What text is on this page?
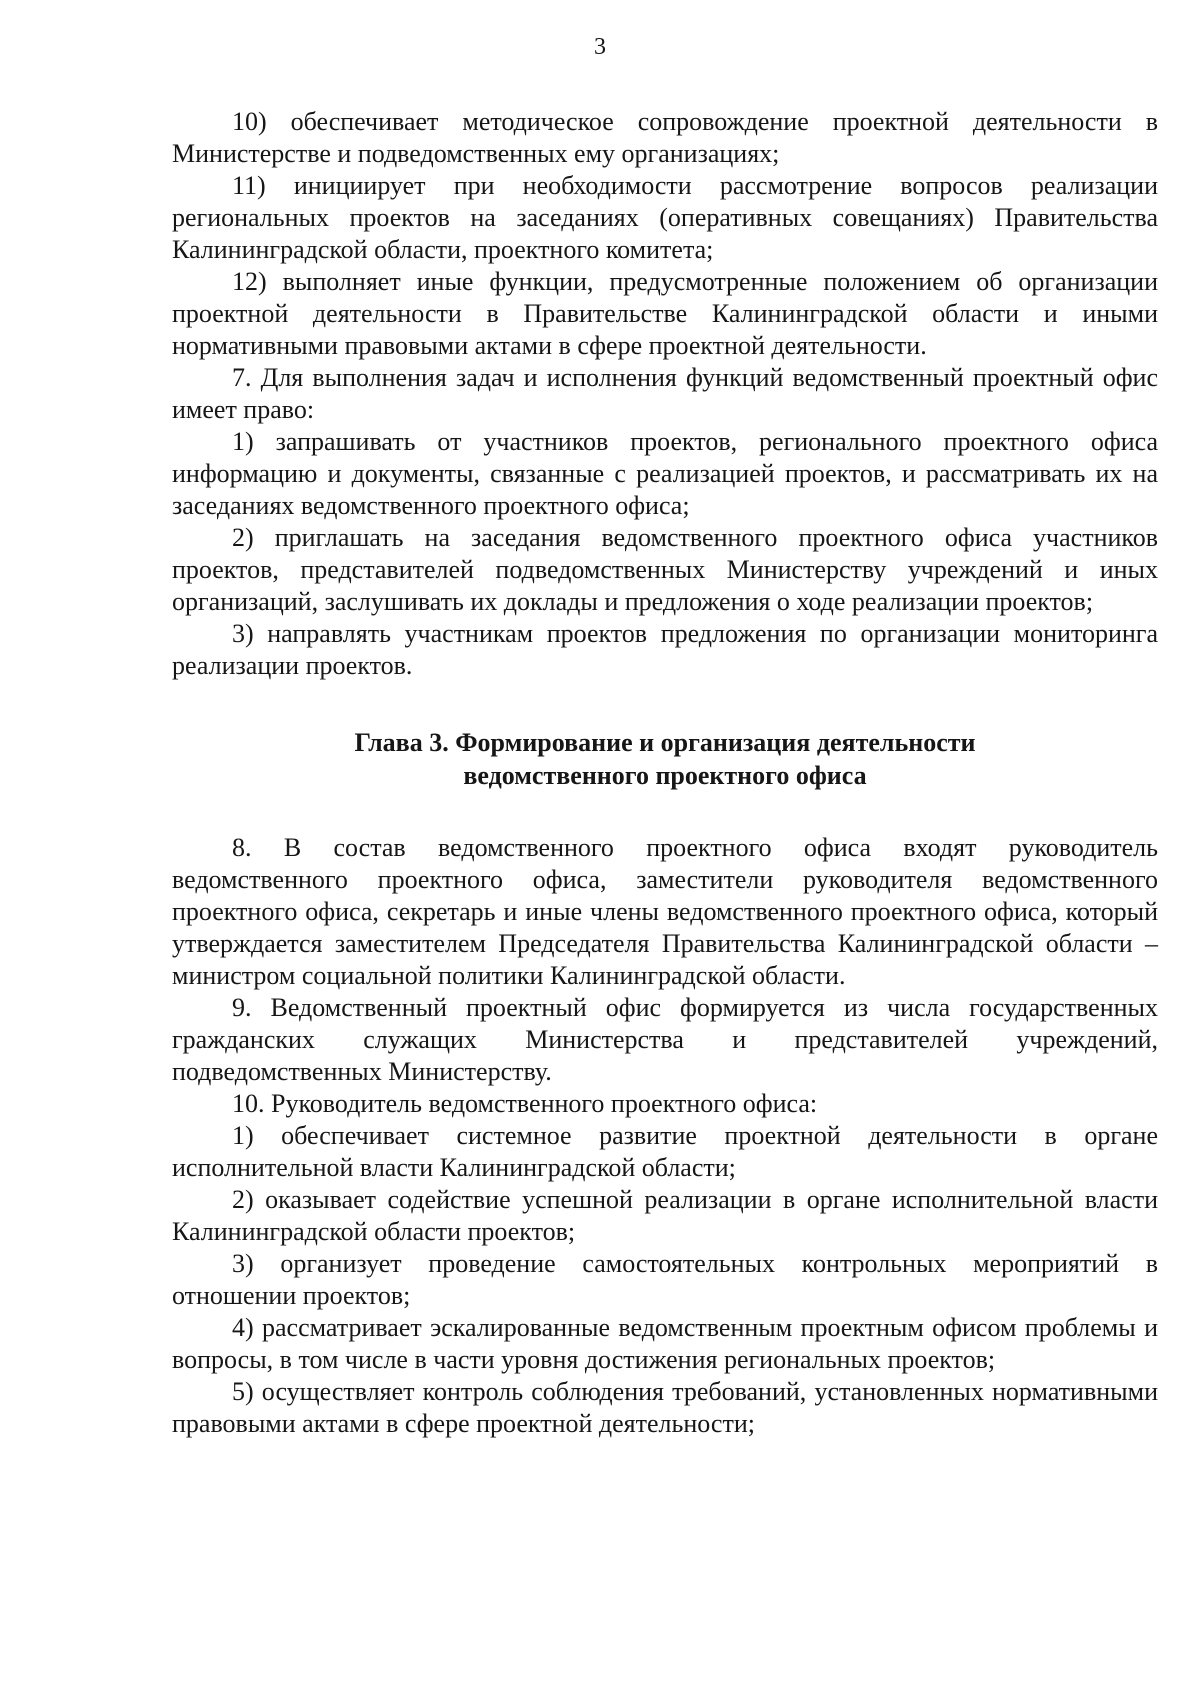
3

10) обеспечивает методическое сопровождение проектной деятельности в Министерстве и подведомственных ему организациях;

11) инициирует при необходимости рассмотрение вопросов реализации региональных проектов на заседаниях (оперативных совещаниях) Правительства Калининградской области, проектного комитета;

12) выполняет иные функции, предусмотренные положением об организации проектной деятельности в Правительстве Калининградской области и иными нормативными правовыми актами в сфере проектной деятельности.

7. Для выполнения задач и исполнения функций ведомственный проектный офис имеет право:

1) запрашивать от участников проектов, регионального проектного офиса информацию и документы, связанные с реализацией проектов, и рассматривать их на заседаниях ведомственного проектного офиса;

2) приглашать на заседания ведомственного проектного офиса участников проектов, представителей подведомственных Министерству учреждений и иных организаций, заслушивать их доклады и предложения о ходе реализации проектов;

3) направлять участникам проектов предложения по организации мониторинга реализации проектов.

Глава 3. Формирование и организация деятельности
ведомственного проектного офиса

8. В состав ведомственного проектного офиса входят руководитель ведомственного проектного офиса, заместители руководителя ведомственного проектного офиса, секретарь и иные члены ведомственного проектного офиса, который утверждается заместителем Председателя Правительства Калининградской области – министром социальной политики Калининградской области.

9. Ведомственный проектный офис формируется из числа государственных гражданских служащих Министерства и представителей учреждений, подведомственных Министерству.

10. Руководитель ведомственного проектного офиса:

1) обеспечивает системное развитие проектной деятельности в органе исполнительной власти Калининградской области;

2) оказывает содействие успешной реализации в органе исполнительной власти Калининградской области проектов;

3) организует проведение самостоятельных контрольных мероприятий в отношении проектов;

4) рассматривает эскалированные ведомственным проектным офисом проблемы и вопросы, в том числе в части уровня достижения региональных проектов;

5) осуществляет контроль соблюдения требований, установленных нормативными правовыми актами в сфере проектной деятельности;
